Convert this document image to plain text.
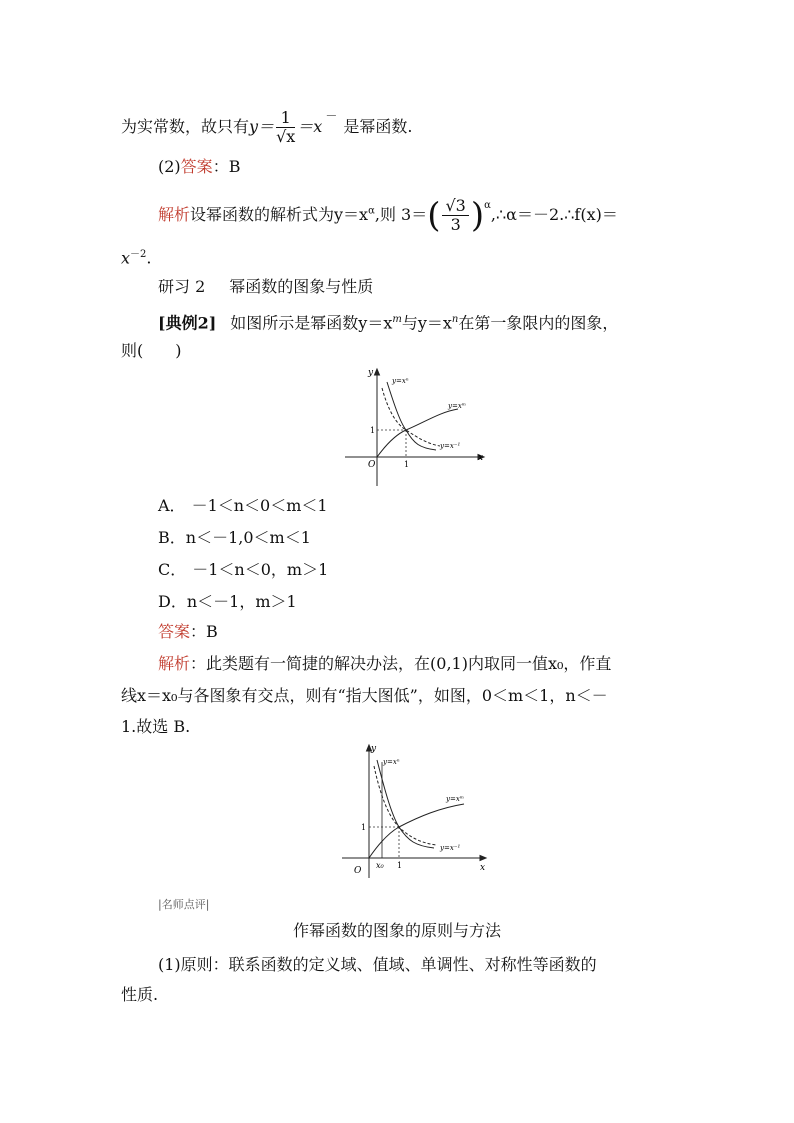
为实常数，故只有$y= \frac{1}{√x} =x^-$是幂函数.
(2)答案：B
解析设幂函数的解析式为$y=x^\alpha$,则 $3=( \frac{√3}{3}$ )$^\alpha,\therefore\alpha=-2.\therefore f(x)=$
$x^{-2}$.
研习 2 幂函数的图象与性质
[典例2] 如图所示是幂函数$y=x^m$与$y=x^n$在第一象限内的图象，
则(　　)
y
x
O	1
1
y=xⁿ
y=xᵐ
y=x⁻¹
A． －1＜n＜0＜m＜1
B．n＜－1,0＜m＜1
C． －1＜n＜0，m＞1
D．n＜－1，m＞1
答案：B
解析：此类题有一简捷的解决办法，在(0,1)内取同一值x₀，作直
线x＝x₀与各图象有交点，则有“指大图低”，如图，0＜m＜1，n＜－
1.故选 B.
y
x
O
x₀ 1
1
y=xⁿ
y=xᵐ
y=x⁻¹
|名师点评|
作幂函数的图象的原则与方法
(1)原则：联系函数的定义域、值域、单调性、对称性等函数的
性质.
